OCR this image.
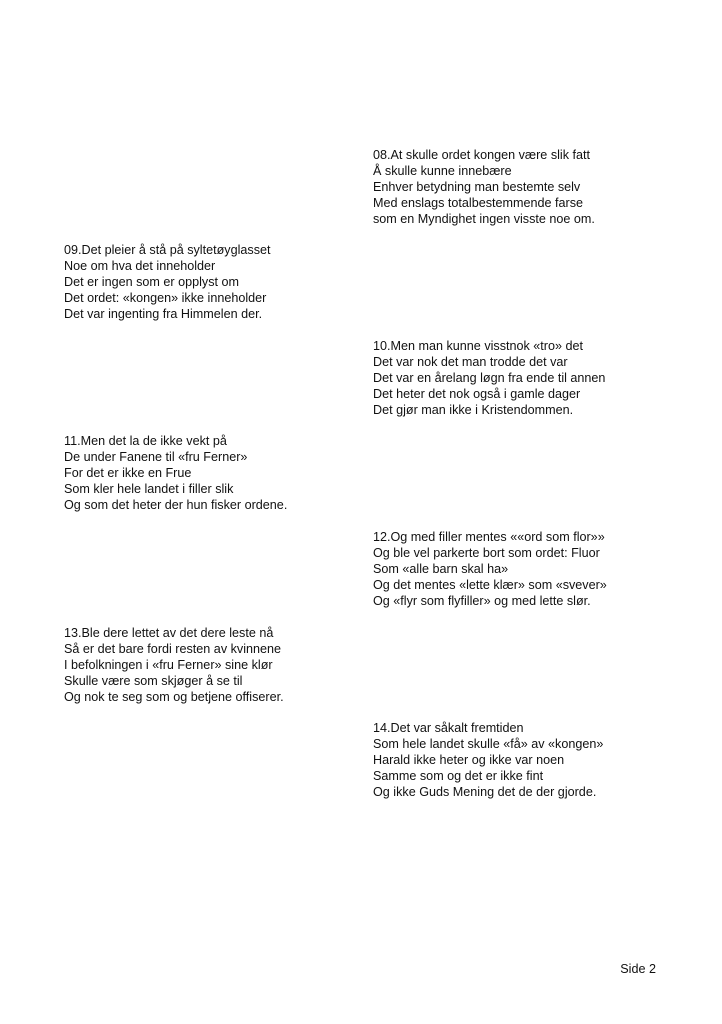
08.At skulle ordet kongen være slik fatt
Å skulle kunne innebære
Enhver betydning man bestemte selv
Med enslags totalbestemmende farse
som en Myndighet ingen visste noe om.
09.Det pleier å stå på syltetøyglasset
Noe om hva det inneholder
Det er ingen som er opplyst om
Det ordet: «kongen» ikke inneholder
Det var ingenting fra Himmelen der.
10.Men man kunne visstnok «tro» det
Det var nok det man trodde det var
Det var en årelang løgn fra ende til annen
Det heter det nok også i gamle dager
Det gjør man ikke i Kristendommen.
11.Men det la de ikke vekt på
De under Fanene til «fru Ferner»
For det er ikke en Frue
Som kler hele landet i filler slik
Og som det heter der hun fisker ordene.
12.Og med filler mentes ««ord som flor»»
Og ble vel parkerte bort som ordet: Fluor
Som «alle barn skal ha»
Og det mentes «lette klær» som «svever»
Og «flyr som flyfiller» og med lette slør.
13.Ble dere lettet av det dere leste nå
Så er det bare fordi resten av kvinnene
I befolkningen i «fru Ferner» sine klør
Skulle være som skjøger å se til
Og nok te seg som og betjene offiserer.
14.Det var såkalt fremtiden
Som hele landet skulle «få» av «kongen»
Harald ikke heter og ikke var noen
Samme som og det er ikke fint
Og ikke Guds Mening det de der gjorde.
Side 2
